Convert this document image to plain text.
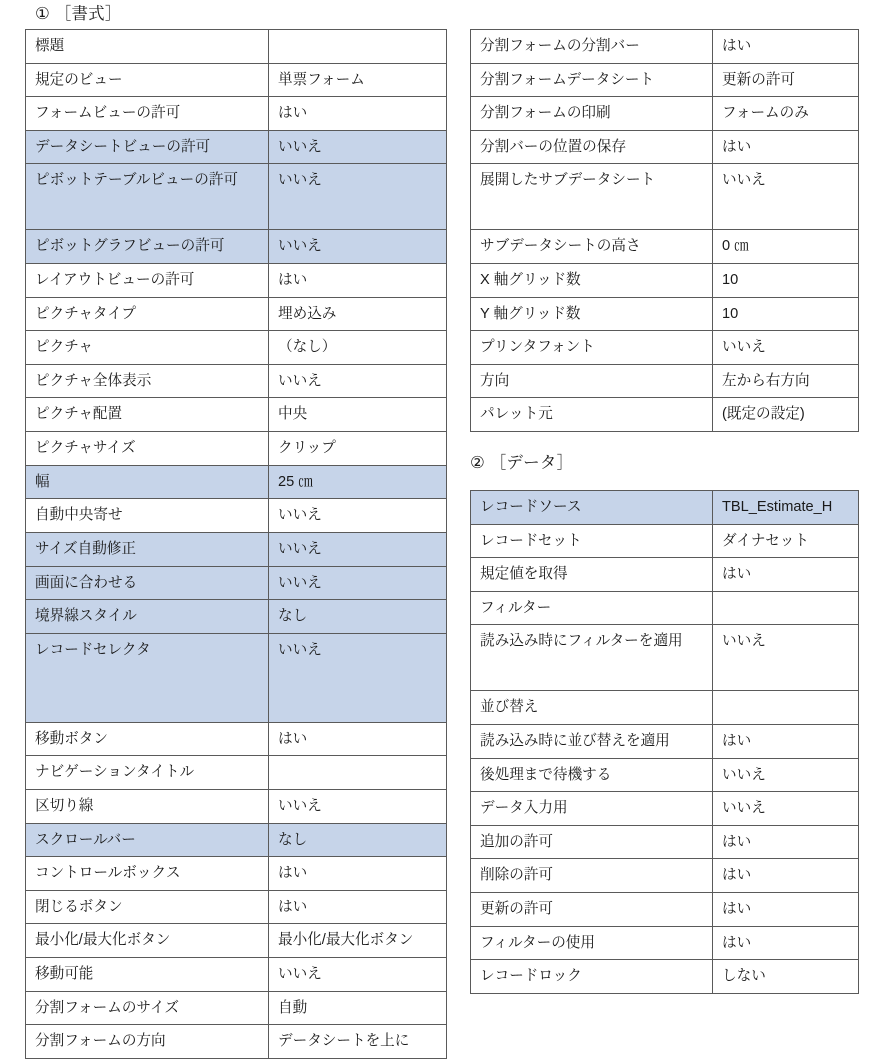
① ［書式］
標題	
規定のビュー	単票フォーム
フォームビューの許可	はい
データシートビューの許可	いいえ
ピボットテーブルビューの許可	いいえ
ピボットグラフビューの許可	いいえ
レイアウトビューの許可	はい
ピクチャタイプ	埋め込み
ピクチャ	（なし）
ピクチャ全体表示	いいえ
ピクチャ配置	中央
ピクチャサイズ	クリップ
幅	25 ㎝
自動中央寄せ	いいえ
サイズ自動修正	いいえ
画面に合わせる	いいえ
境界線スタイル	なし
レコードセレクタ	いいえ
移動ボタン	はい
ナビゲーションタイトル	
区切り線	いいえ
スクロールバー	なし
コントロールボックス	はい
閉じるボタン	はい
最小化/最大化ボタン	最小化/最大化ボタン
移動可能	いいえ
分割フォームのサイズ	自動
分割フォームの方向	データシートを上に
分割フォームの分割バー	はい
分割フォームデータシート	更新の許可
分割フォームの印刷	フォームのみ
分割バーの位置の保存	はい
展開したサブデータシート	いいえ
サブデータシートの高さ	0 ㎝
X 軸グリッド数	10
Y 軸グリッド数	10
プリンタフォント	いいえ
方向	左から右方向
パレット元	(既定の設定)
② ［データ］
レコードソース	TBL_Estimate_H
レコードセット	ダイナセット
規定値を取得	はい
フィルター	
読み込み時にフィルターを適用	いいえ
並び替え	
読み込み時に並び替えを適用	はい
後処理まで待機する	いいえ
データ入力用	いいえ
追加の許可	はい
削除の許可	はい
更新の許可	はい
フィルターの使用	はい
レコードロック	しない
